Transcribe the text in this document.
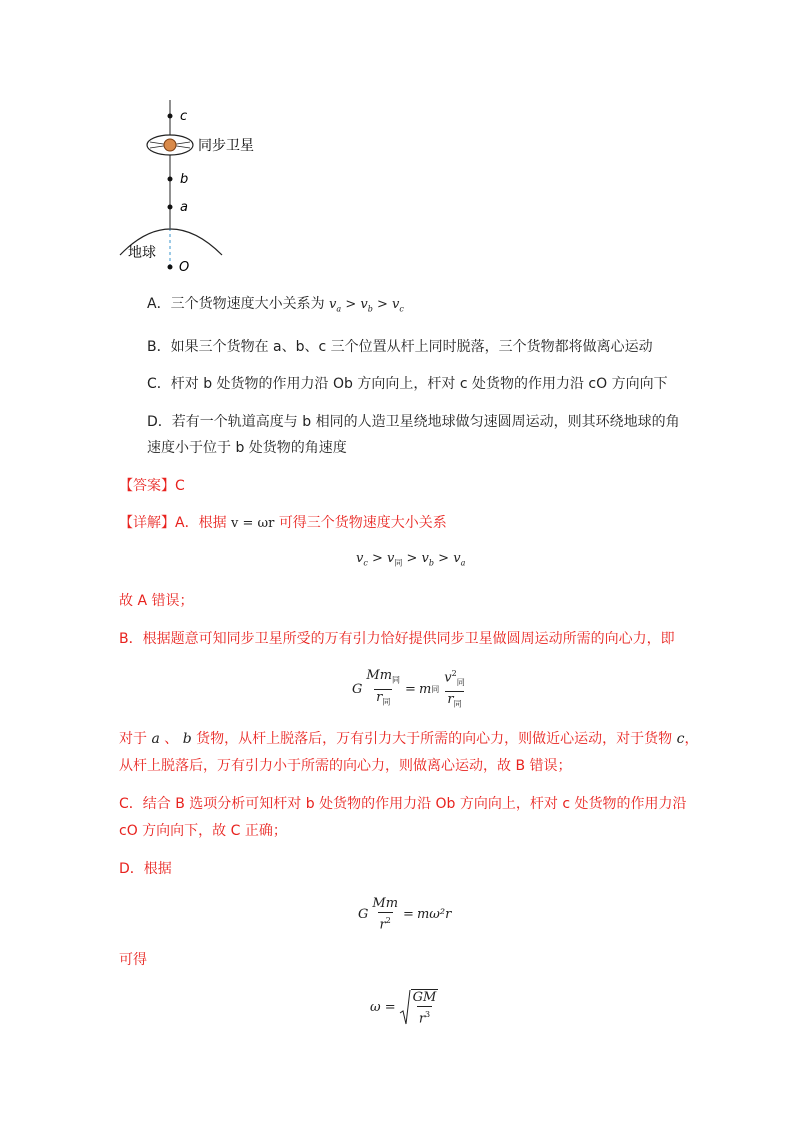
c
同步卫星
b
a
地球
O
A．三个货物速度大小关系为 $v_a > v_b > v_c$
B．如果三个货物在 a、b、c 三个位置从杆上同时脱落，三个货物都将做离心运动
C．杆对 b 处货物的作用力沿 Ob 方向向上，杆对 c 处货物的作用力沿 cO 方向向下
D．若有一个轨道高度与 b 相同的人造卫星绕地球做匀速圆周运动，则其环绕地球的角
速度小于位于 b 处货物的角速度
【答案】C
【详解】A．根据 v = ωr 可得三个货物速度大小关系
$v_c > v_同 > v_b > v_a$
故 A 错误；
B．根据题意可知同步卫星所受的万有引力恰好提供同步卫星做圆周运动所需的向心力，即
G $\frac{Mm_同}{r_同} = m$ 同 $\frac{v^2_同}{r_同}$
对于 a 、 b 货物，从杆上脱落后，万有引力大于所需的向心力，则做近心运动，对于货物 c，
从杆上脱落后，万有引力小于所需的向心力，则做离心运动，故 B 错误；
C．结合 B 选项分析可知杆对 b 处货物的作用力沿 Ob 方向向上，杆对 c 处货物的作用力沿
cO 方向向下，故 C 正确；
D．根据
G $\frac{Mm}{r^2} = m\omega^2r$
可得
$\omega = \frac{GM}{r^3}$
